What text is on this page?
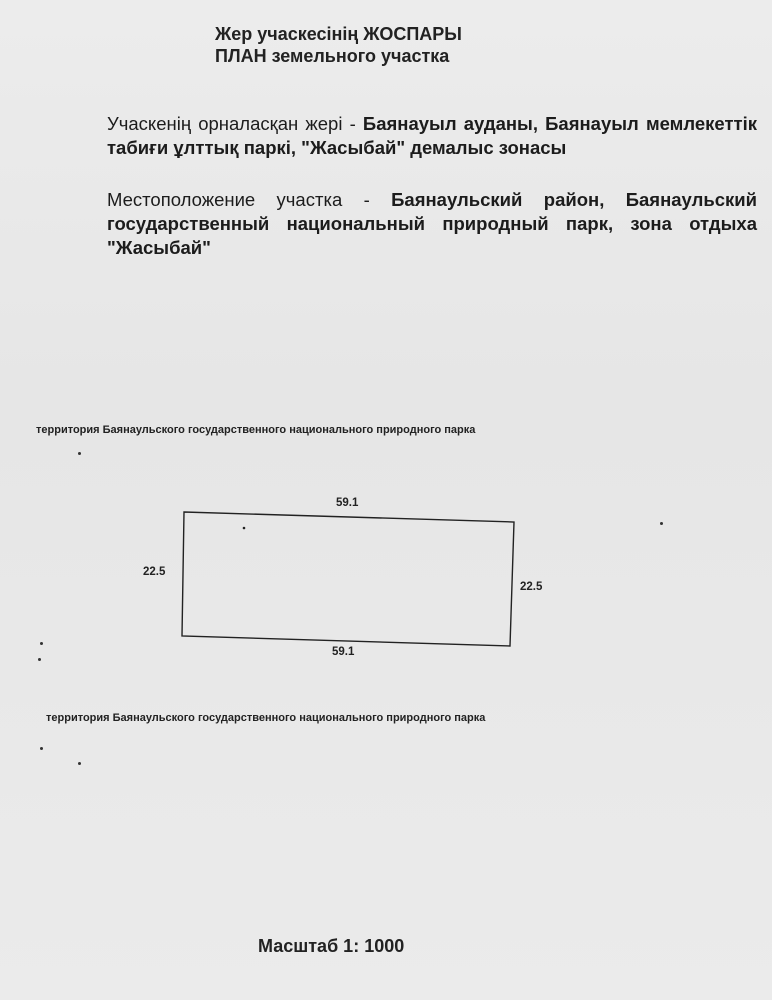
Жер учаскесінің ЖОСПАРЫ
ПЛАН земельного участка
Учаскенің орналасқан жері - Баянауыл ауданы, Баянауыл мемлекеттік табиғи ұлттық паркі, "Жасыбай" демалыс зонасы
Местоположение участка - Баянаульский район, Баянаульский государственный национальный природный парк, зона отдыха "Жасыбай"
территория Баянаульского государственного национального природного парка
59.1
22.5
22.5
59.1
территория Баянаульского государственного национального природного парка
Масштаб 1: 1000
